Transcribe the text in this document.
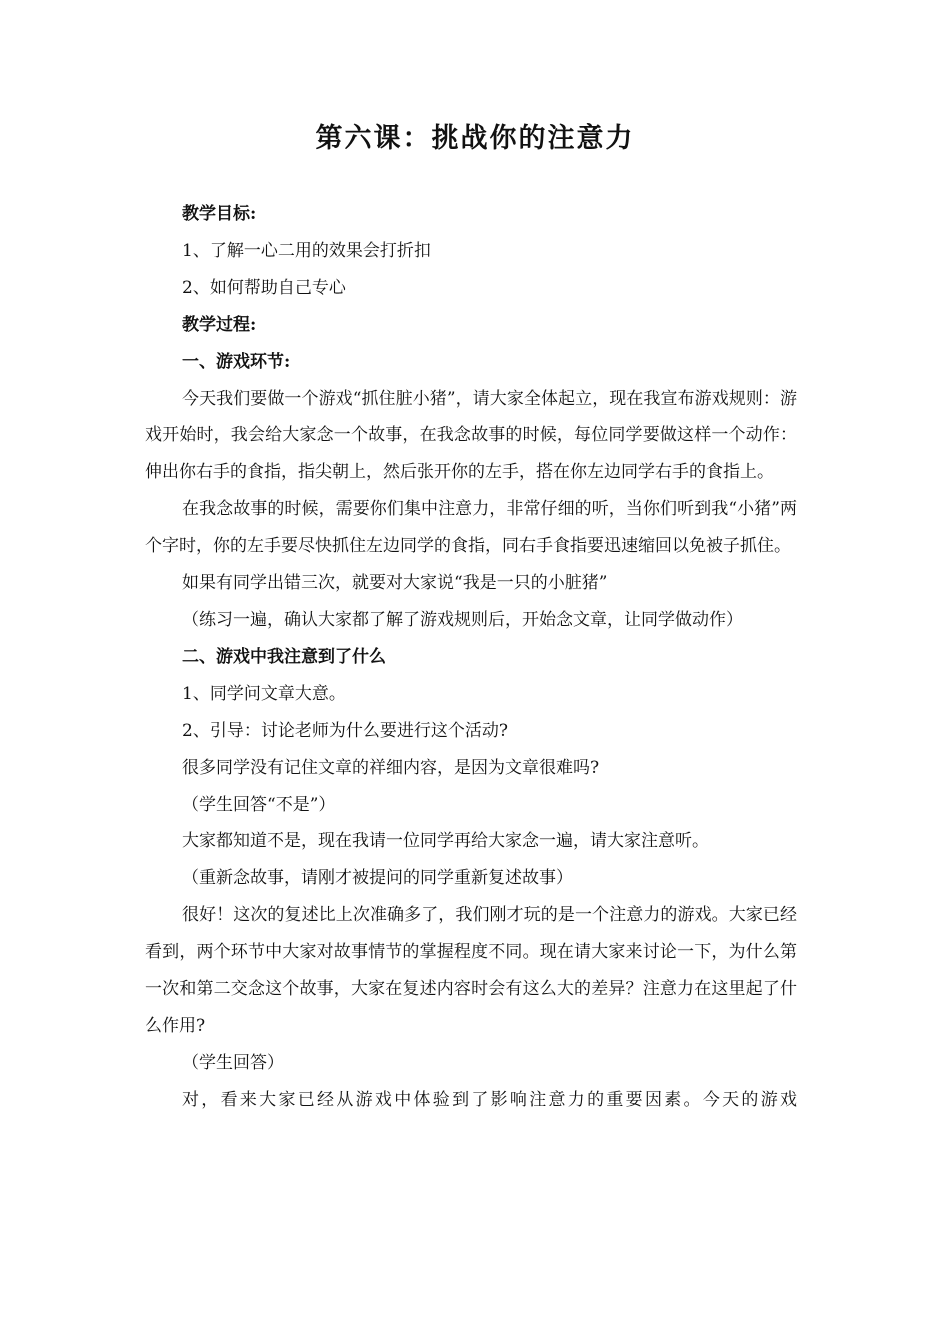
第六课：挑战你的注意力

教学目标:

1、了解一心二用的效果会打折扣

2、如何帮助自己专心

教学过程:

一、游戏环节:

今天我们要做一个游戏“抓住脏小猪”，请大家全体起立，现在我宣布游戏规则：游戏开始时，我会给大家念一个故事，在我念故事的时候，每位同学要做这样一个动作：伸出你右手的食指，指尖朝上，然后张开你的左手，搭在你左边同学右手的食指上。

在我念故事的时候，需要你们集中注意力，非常仔细的听，当你们听到我“小猪”两个字时，你的左手要尽快抓住左边同学的食指，同右手食指要迅速缩回以免被子抓住。

如果有同学出错三次，就要对大家说“我是一只的小脏猪”

（练习一遍，确认大家都了解了游戏规则后，开始念文章，让同学做动作）

二、游戏中我注意到了什么

1、同学问文章大意。

2、引导：讨论老师为什么要进行这个活动?

很多同学没有记住文章的祥细内容，是因为文章很难吗?

（学生回答“不是”）

大家都知道不是，现在我请一位同学再给大家念一遍，请大家注意听。

（重新念故事，请刚才被提问的同学重新复述故事）

很好！这次的复述比上次准确多了，我们刚才玩的是一个注意力的游戏。大家已经看到，两个环节中大家对故事情节的掌握程度不同。现在请大家来讨论一下，为什么第一次和第二交念这个故事，大家在复述内容时会有这么大的差异？注意力在这里起了什么作用?

（学生回答）

对，看来大家已经从游戏中体验到了影响注意力的重要因素。今天的游戏
